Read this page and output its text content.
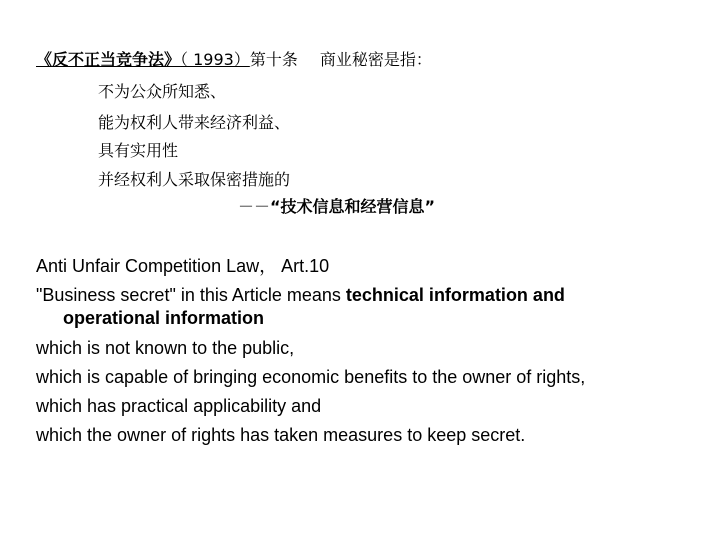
《反不正当竞争法》（ 1993）第十条 商业秘密是指：
不为公众所知悉、
能为权利人带来经济利益、
具有实用性
并经权利人采取保密措施的
－－“技术信息和经营信息”
Anti Unfair Competition Law， Art.10
"Business secret" in this Article means technical information and
operational information
which is not known to the public,
which is capable of bringing economic benefits to the owner of rights,
which has practical applicability and
which the owner of rights has taken measures to keep secret.
